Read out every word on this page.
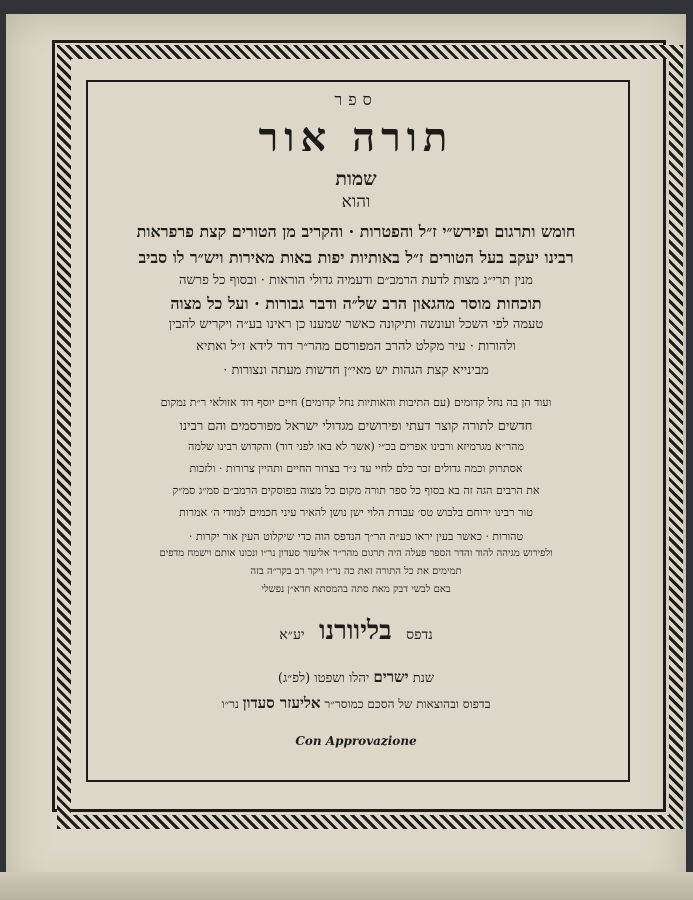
ספר
תורה אור
שמות
והוא
חומש ותרגום ופירש״י ז״ל והפטרות · והקריב מן הטורים קצת פרפראות
רבינו יעקב בעל הטורים ז״ל באותיות יפות באות מאירות ויש״ר לו סביב
מנין תרי״ג מצות לדעת הרמב״ם ודעמיה גדולי הוראות · ובסוף כל פרשה
תוכחות מוסר מהגאון הרב של״ה ודבר גבורות · ועל כל מצוה
טעמה לפי השכל ועונשה ותיקונה כאשר שמענו כן ראינו בע״ה ויקריש להבין
ולהורות · עיר מקלט להרב המפורסם מהר״ר דוד לידא ז״ל ואתיא
מבינייא קצת הגהות יש מאי״ן חדשות מעתה ונצורות ·
ועוד הן בה נחל קדומים (עם התיבות והאותיות נחל קדומים) חיים יוסף דוד אזולאי ר״ת נמקום
חדשים לתורה קוצר דעתי ופירושים מגדולי ישראל מפורסמים והם רבינו
מהר״א מגרמיזא ורבינו אפרים בכ״י (אשר לא באו לפני דוד) והקדוש רבינו שלמה
אסתרוק וכמה גדולים זכר כלם לחיי עד נ״ר בצרור החיים ותהיין צרורות · ולזכות
את הרבים הגה זה בא בסוף כל ספר תורה מקום כל מצוה בפוסקים הרמב״ם סמ״ג סמ״ק
טור רבינו ירוחם בלבוש טס׳ עבודת הלוי ישן נושן להאיר עיני חכמים למודי ה׳ אמרות
טהורות · כאשר בעין יראו כע״ה הר״ך הנדפס הוה כדי שיקלוט העין אור יקרות ·
ולפירוש מגיהה להוד והדר הספר פעלה היה תרגום מהר״ר אליעזר סעדון נר״ו ונכונו אותם וישמח מדפים
תמימים את כל התורה זאת כה נר״ו ויקר רב בקר״ה בזה
באם לבשי דבק מאת סתה בהמסתא חדא״ן נפשלי
נדפס בליוורנו יע״א
שנת ישרים יהלו ושפטו (לפ״ג)
בדפוס ובהוצאות של הסכם כמוסר״ר אליעזר סעדון נר״ו
Con Approvazione
